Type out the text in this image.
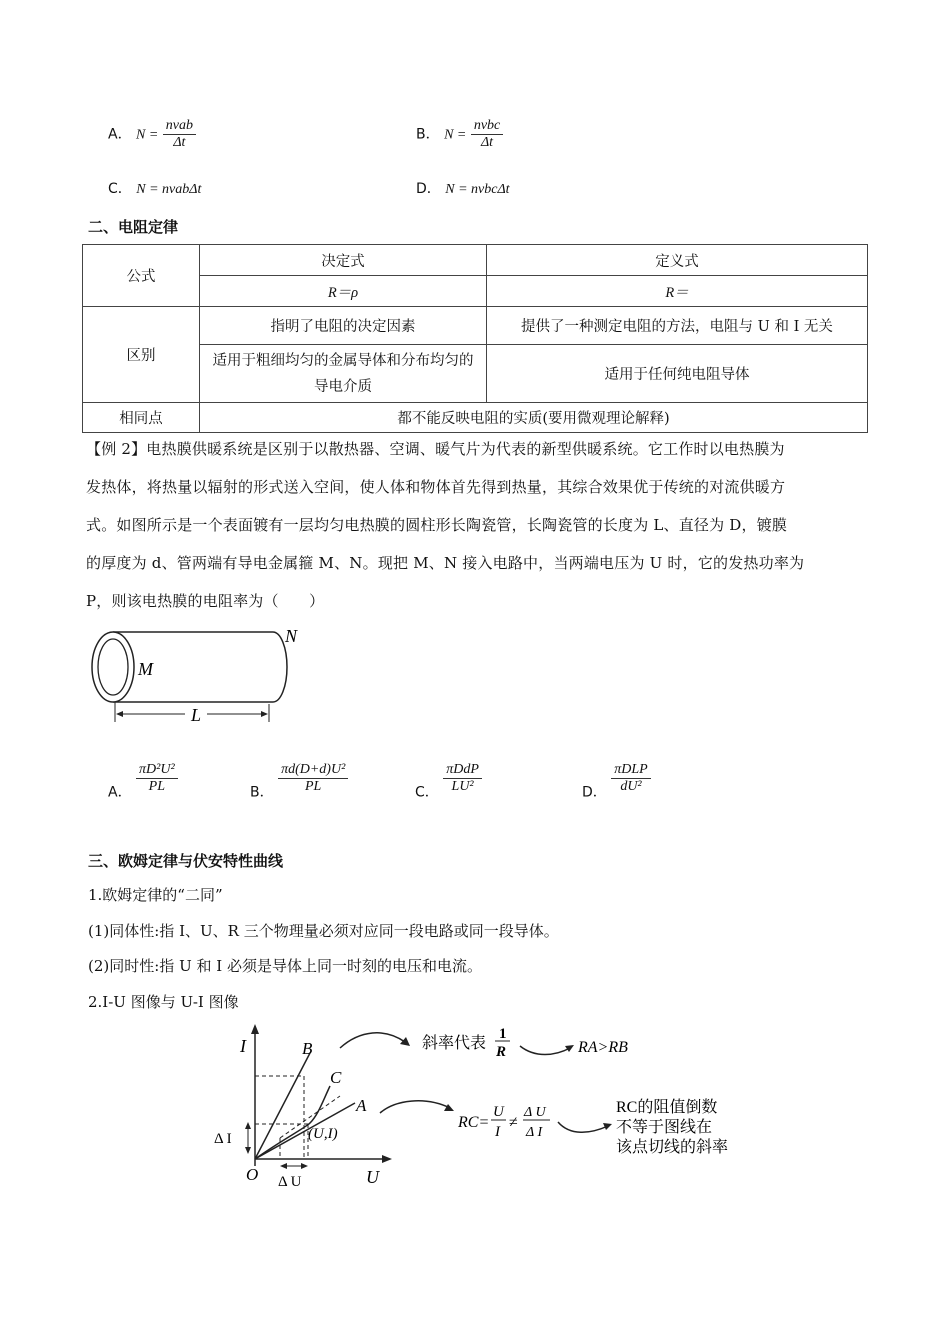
A． $N = \frac{\text{nvab}}{\Delta t}$	B． $N = \frac{\text{nvbc}}{\Delta t}$
C． N = nvabΔt	D． N = nvbcΔt
二、电阻定律
公式	决定式	定义式
	R＝ρ	R＝
区别	指明了电阻的决定因素	提供了一种测定电阻的方法，电阻与 U 和 I 无关
	适用于粗细均匀的金属导体和分布均匀的导电介质	适用于任何纯电阻导体
相同点	都不能反映电阻的实质(要用微观理论解释)	
【例 2】电热膜供暖系统是区别于以散热器、空调、暖气片为代表的新型供暖系统。它工作时以电热膜为
发热体，将热量以辐射的形式送入空间，使人体和物体首先得到热量，其综合效果优于传统的对流供暖方
式。如图所示是一个表面镀有一层均匀电热膜的圆柱形长陶瓷管，长陶瓷管的长度为 L、直径为 D，镀膜
的厚度为 d、管两端有导电金属箍 M、N。现把 M、N 接入电路中，当两端电压为 U 时，它的发热功率为
P，则该电热膜的电阻率为（　　）
M
N
L
A． $\frac{\text{πD²U²}}{PL}$	B． $\frac{\text{πd(D+d)U²}}{PL}$	C． $\frac{\text{πDdP}}{\text{LU²}}$	D． $\frac{\text{πDLP}}{\text{dU²}}$
三、欧姆定律与伏安特性曲线
1.欧姆定律的“二同”
(1)同体性:指 I、U、R 三个物理量必须对应同一段电路或同一段导体。
(2)同时性:指 U 和 I 必须是导体上同一时刻的电压和电流。
2.I-U 图像与 U-I 图像
I
U
O
B
C
A
(U,I)
Δ I
Δ U
斜率代表
1
R	RA>RB
RC=
U
I
≠
Δ U
Δ I
RC的阻值倒数
不等于图线在
该点切线的斜率
